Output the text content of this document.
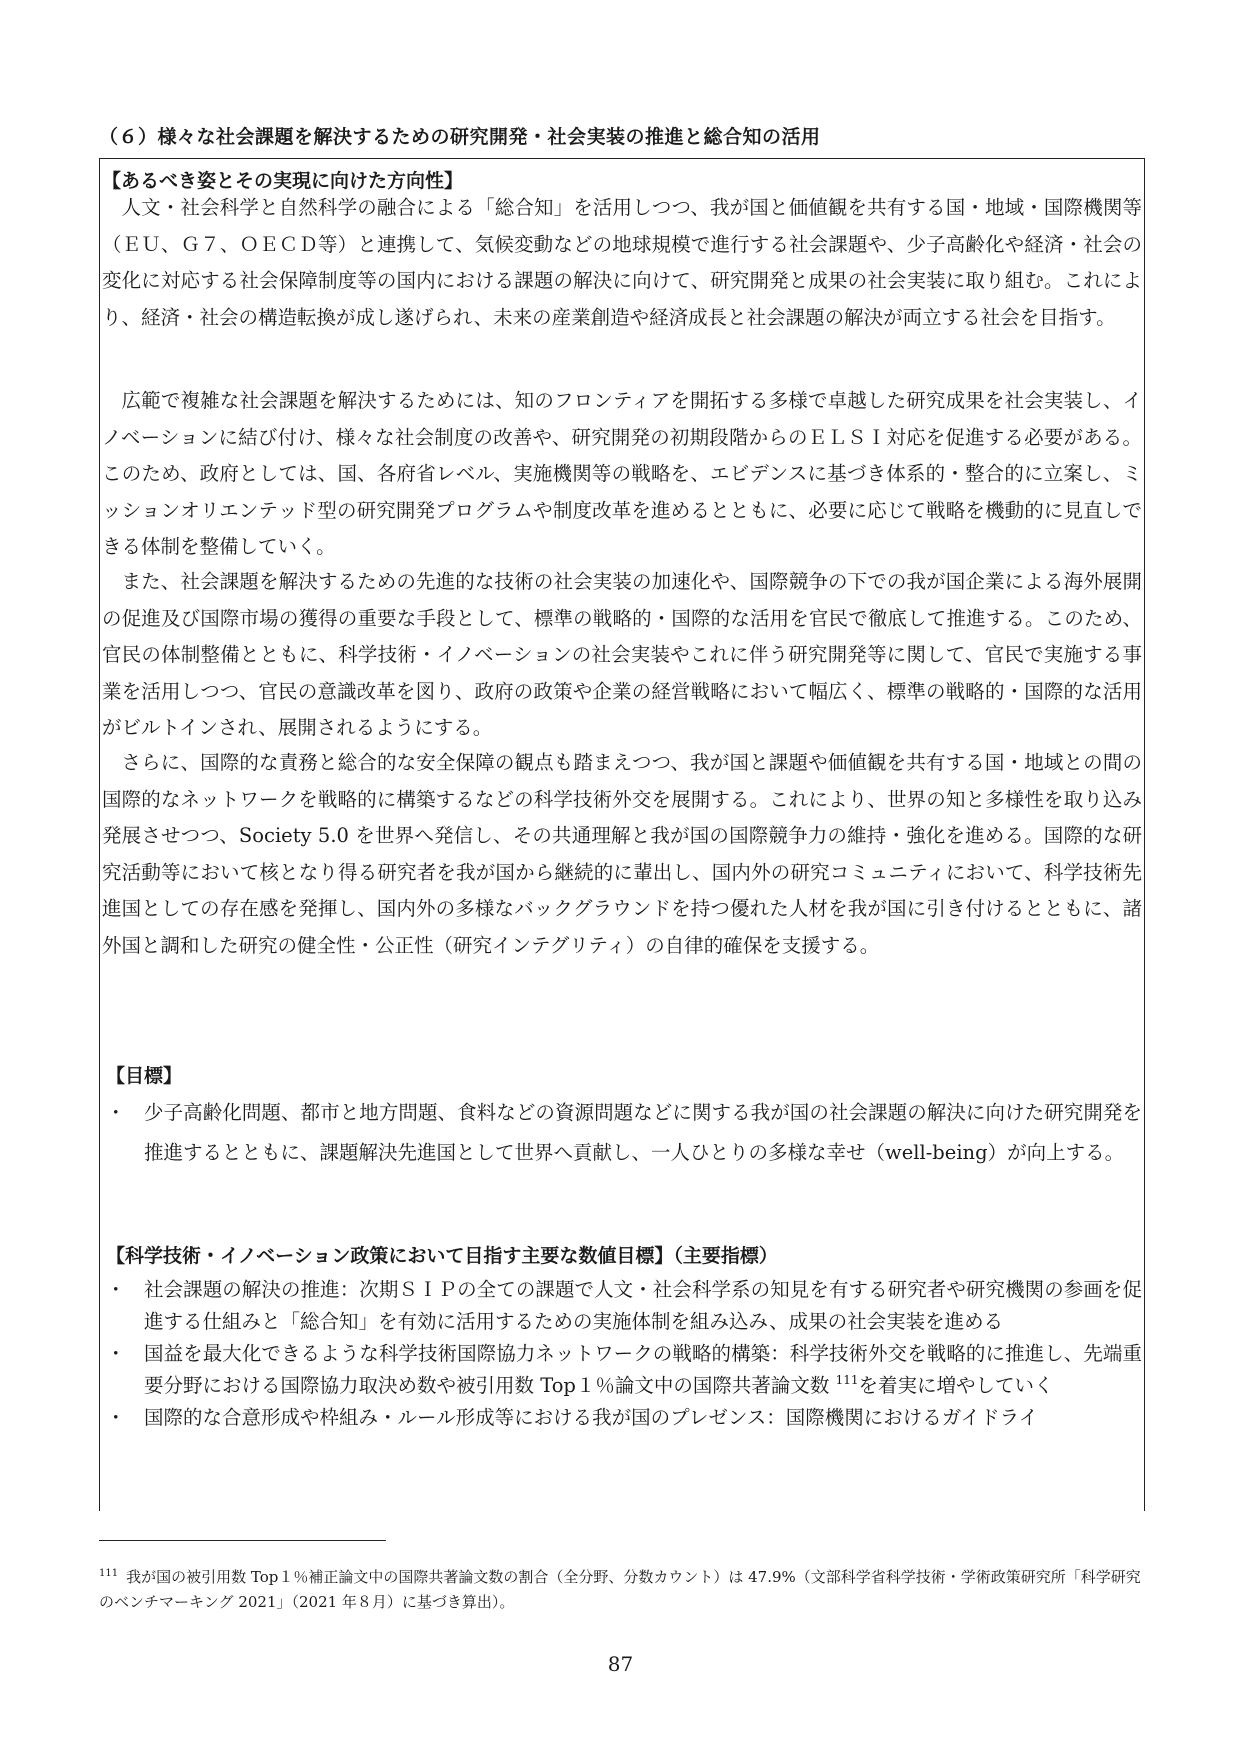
（６）様々な社会課題を解決するための研究開発・社会実装の推進と総合知の活用
【あるべき姿とその実現に向けた方向性】

人文・社会科学と自然科学の融合による「総合知」を活用しつつ、我が国と価値観を共有する国・地域・国際機関等（ＥＵ、Ｇ７、ＯＥＣＤ等）と連携して、気候変動などの地球規模で進行する社会課題や、少子高齢化や経済・社会の変化に対応する社会保障制度等の国内における課題の解決に向けて、研究開発と成果の社会実装に取り組む。これにより、経済・社会の構造転換が成し遂げられ、未来の産業創造や経済成長と社会課題の解決が両立する社会を目指す。

広範で複雑な社会課題を解決するためには、知のフロンティアを開拓する多様で卓越した研究成果を社会実装し、イノベーションに結び付け、様々な社会制度の改善や、研究開発の初期段階からのＥＬＳＩ対応を促進する必要がある。このため、政府としては、国、各府省レベル、実施機関等の戦略を、エビデンスに基づき体系的・整合的に立案し、ミッションオリエンテッド型の研究開発プログラムや制度改革を進めるとともに、必要に応じて戦略を機動的に見直しできる体制を整備していく。

また、社会課題を解決するための先進的な技術の社会実装の加速化や、国際競争の下での我が国企業による海外展開の促進及び国際市場の獲得の重要な手段として、標準の戦略的・国際的な活用を官民で徹底して推進する。このため、官民の体制整備とともに、科学技術・イノベーションの社会実装やこれに伴う研究開発等に関して、官民で実施する事業を活用しつつ、官民の意識改革を図り、政府の政策や企業の経営戦略において幅広く、標準の戦略的・国際的な活用がビルトインされ、展開されるようにする。

さらに、国際的な責務と総合的な安全保障の観点も踏まえつつ、我が国と課題や価値観を共有する国・地域との間の国際的なネットワークを戦略的に構築するなどの科学技術外交を展開する。これにより、世界の知と多様性を取り込み発展させつつ、Society 5.0 を世界へ発信し、その共通理解と我が国の国際競争力の維持・強化を進める。国際的な研究活動等において核となり得る研究者を我が国から継続的に輩出し、国内外の研究コミュニティにおいて、科学技術先進国としての存在感を発揮し、国内外の多様なバックグラウンドを持つ優れた人材を我が国に引き付けるとともに、諸外国と調和した研究の健全性・公正性（研究インテグリティ）の自律的確保を支援する。

【目標】
・ 少子高齢化問題、都市と地方問題、食料などの資源問題などに関する我が国の社会課題の解決に向けた研究開発を推進するとともに、課題解決先進国として世界へ貢献し、一人ひとりの多様な幸せ（well-being）が向上する。
【科学技術・イノベーション政策において目指す主要な数値目標】（主要指標）
・ 社会課題の解決の推進：次期ＳＩＰの全ての課題で人文・社会科学系の知見を有する研究者や研究機関の参画を促進する仕組みと「総合知」を有効に活用するための実施体制を組み込み、成果の社会実装を進める
・ 国益を最大化できるような科学技術国際協力ネットワークの戦略的構築：科学技術外交を戦略的に推進し、先端重要分野における国際協力取決め数や被引用数 Top１％論文中の国際共著論文数 $^{111}$を着実に増やしていく
・ 国際的な合意形成や枠組み・ルール形成等における我が国のプレゼンス：国際機関におけるガイドライ

$^{111}$ 我が国の被引用数 Top１％補正論文中の国際共著論文数の割合（全分野、分数カウント）は 47.9%（文部科学省科学技術・学術政策研究所「科学研究のベンチマーキング 2021」（2021 年８月）に基づき算出）。

87
